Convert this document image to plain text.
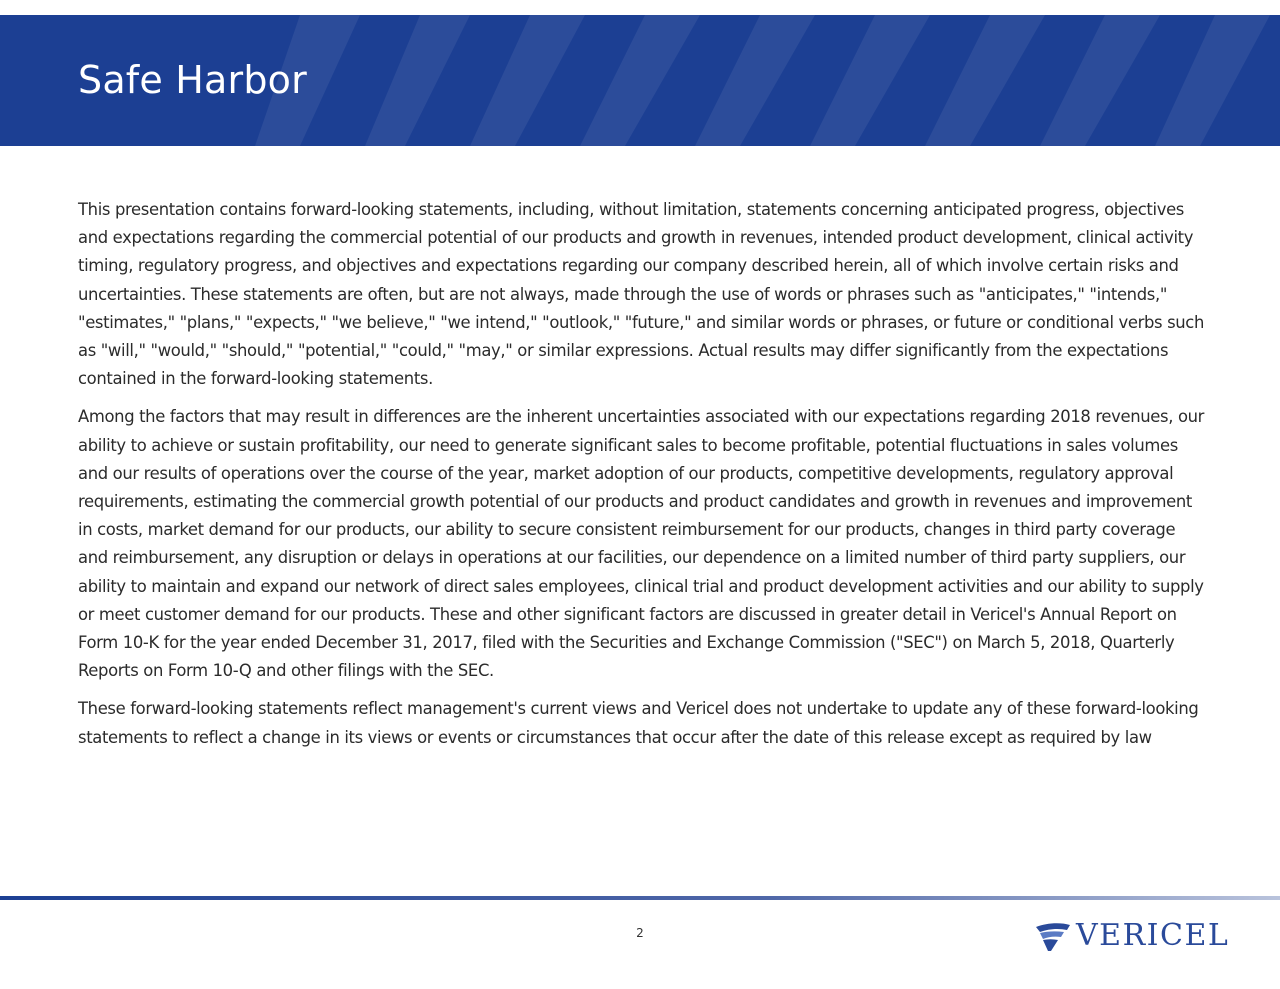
Safe Harbor

This presentation contains forward-looking statements, including, without limitation, statements concerning anticipated progress, objectives and expectations regarding the commercial potential of our products and growth in revenues, intended product development, clinical activity timing, regulatory progress, and objectives and expectations regarding our company described herein, all of which involve certain risks and uncertainties. These statements are often, but are not always, made through the use of words or phrases such as "anticipates," "intends," "estimates," "plans," "expects," "we believe," "we intend," "outlook," "future," and similar words or phrases, or future or conditional verbs such as "will," "would," "should," "potential," "could," "may," or similar expressions. Actual results may differ significantly from the expectations contained in the forward-looking statements.

Among the factors that may result in differences are the inherent uncertainties associated with our expectations regarding 2018 revenues, our ability to achieve or sustain profitability, our need to generate significant sales to become profitable, potential fluctuations in sales volumes and our results of operations over the course of the year, market adoption of our products, competitive developments, regulatory approval requirements, estimating the commercial growth potential of our products and product candidates and growth in revenues and improvement in costs, market demand for our products, our ability to secure consistent reimbursement for our products, changes in third party coverage and reimbursement, any disruption or delays in operations at our facilities, our dependence on a limited number of third party suppliers, our ability to maintain and expand our network of direct sales employees, clinical trial and product development activities and our ability to supply or meet customer demand for our products. These and other significant factors are discussed in greater detail in Vericel's Annual Report on Form 10-K for the year ended December 31, 2017, filed with the Securities and Exchange Commission ("SEC") on March 5, 2018, Quarterly Reports on Form 10-Q and other filings with the SEC.

These forward-looking statements reflect management's current views and Vericel does not undertake to update any of these forward-looking statements to reflect a change in its views or events or circumstances that occur after the date of this release except as required by law

2	VERICEL
